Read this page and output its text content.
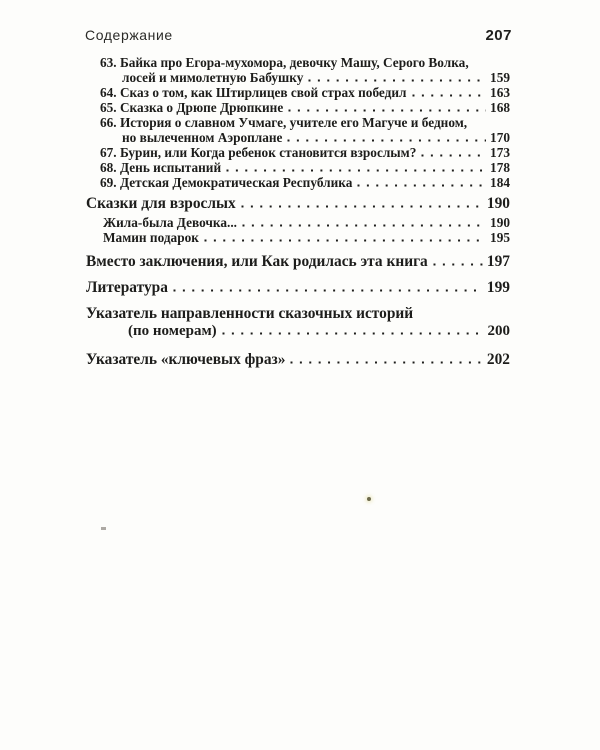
Содержание	207
63. Байка про Егора-мухомора, девочку Машу, Серого Волка,
лосей и мимолетную Бабушку	159
64. Сказ о том, как Штирлицев свой страх победил	163
65. Сказка о Дрюпе Дрюпкине	168
66. История о славном Учмаге, учителе его Магуче и бедном,
но вылеченном Аэроплане	170
67. Бурин, или Когда ребенок становится взрослым?	173
68. День испытаний	178
69. Детская Демократическая Республика	184
Сказки для взрослых	190
Жила-была Девочка...	190
Мамин подарок	195
Вместо заключения, или Как родилась эта книга	197
Литература	199
Указатель направленности сказочных историй
(по номерам)	200
Указатель «ключевых фраз»	202
